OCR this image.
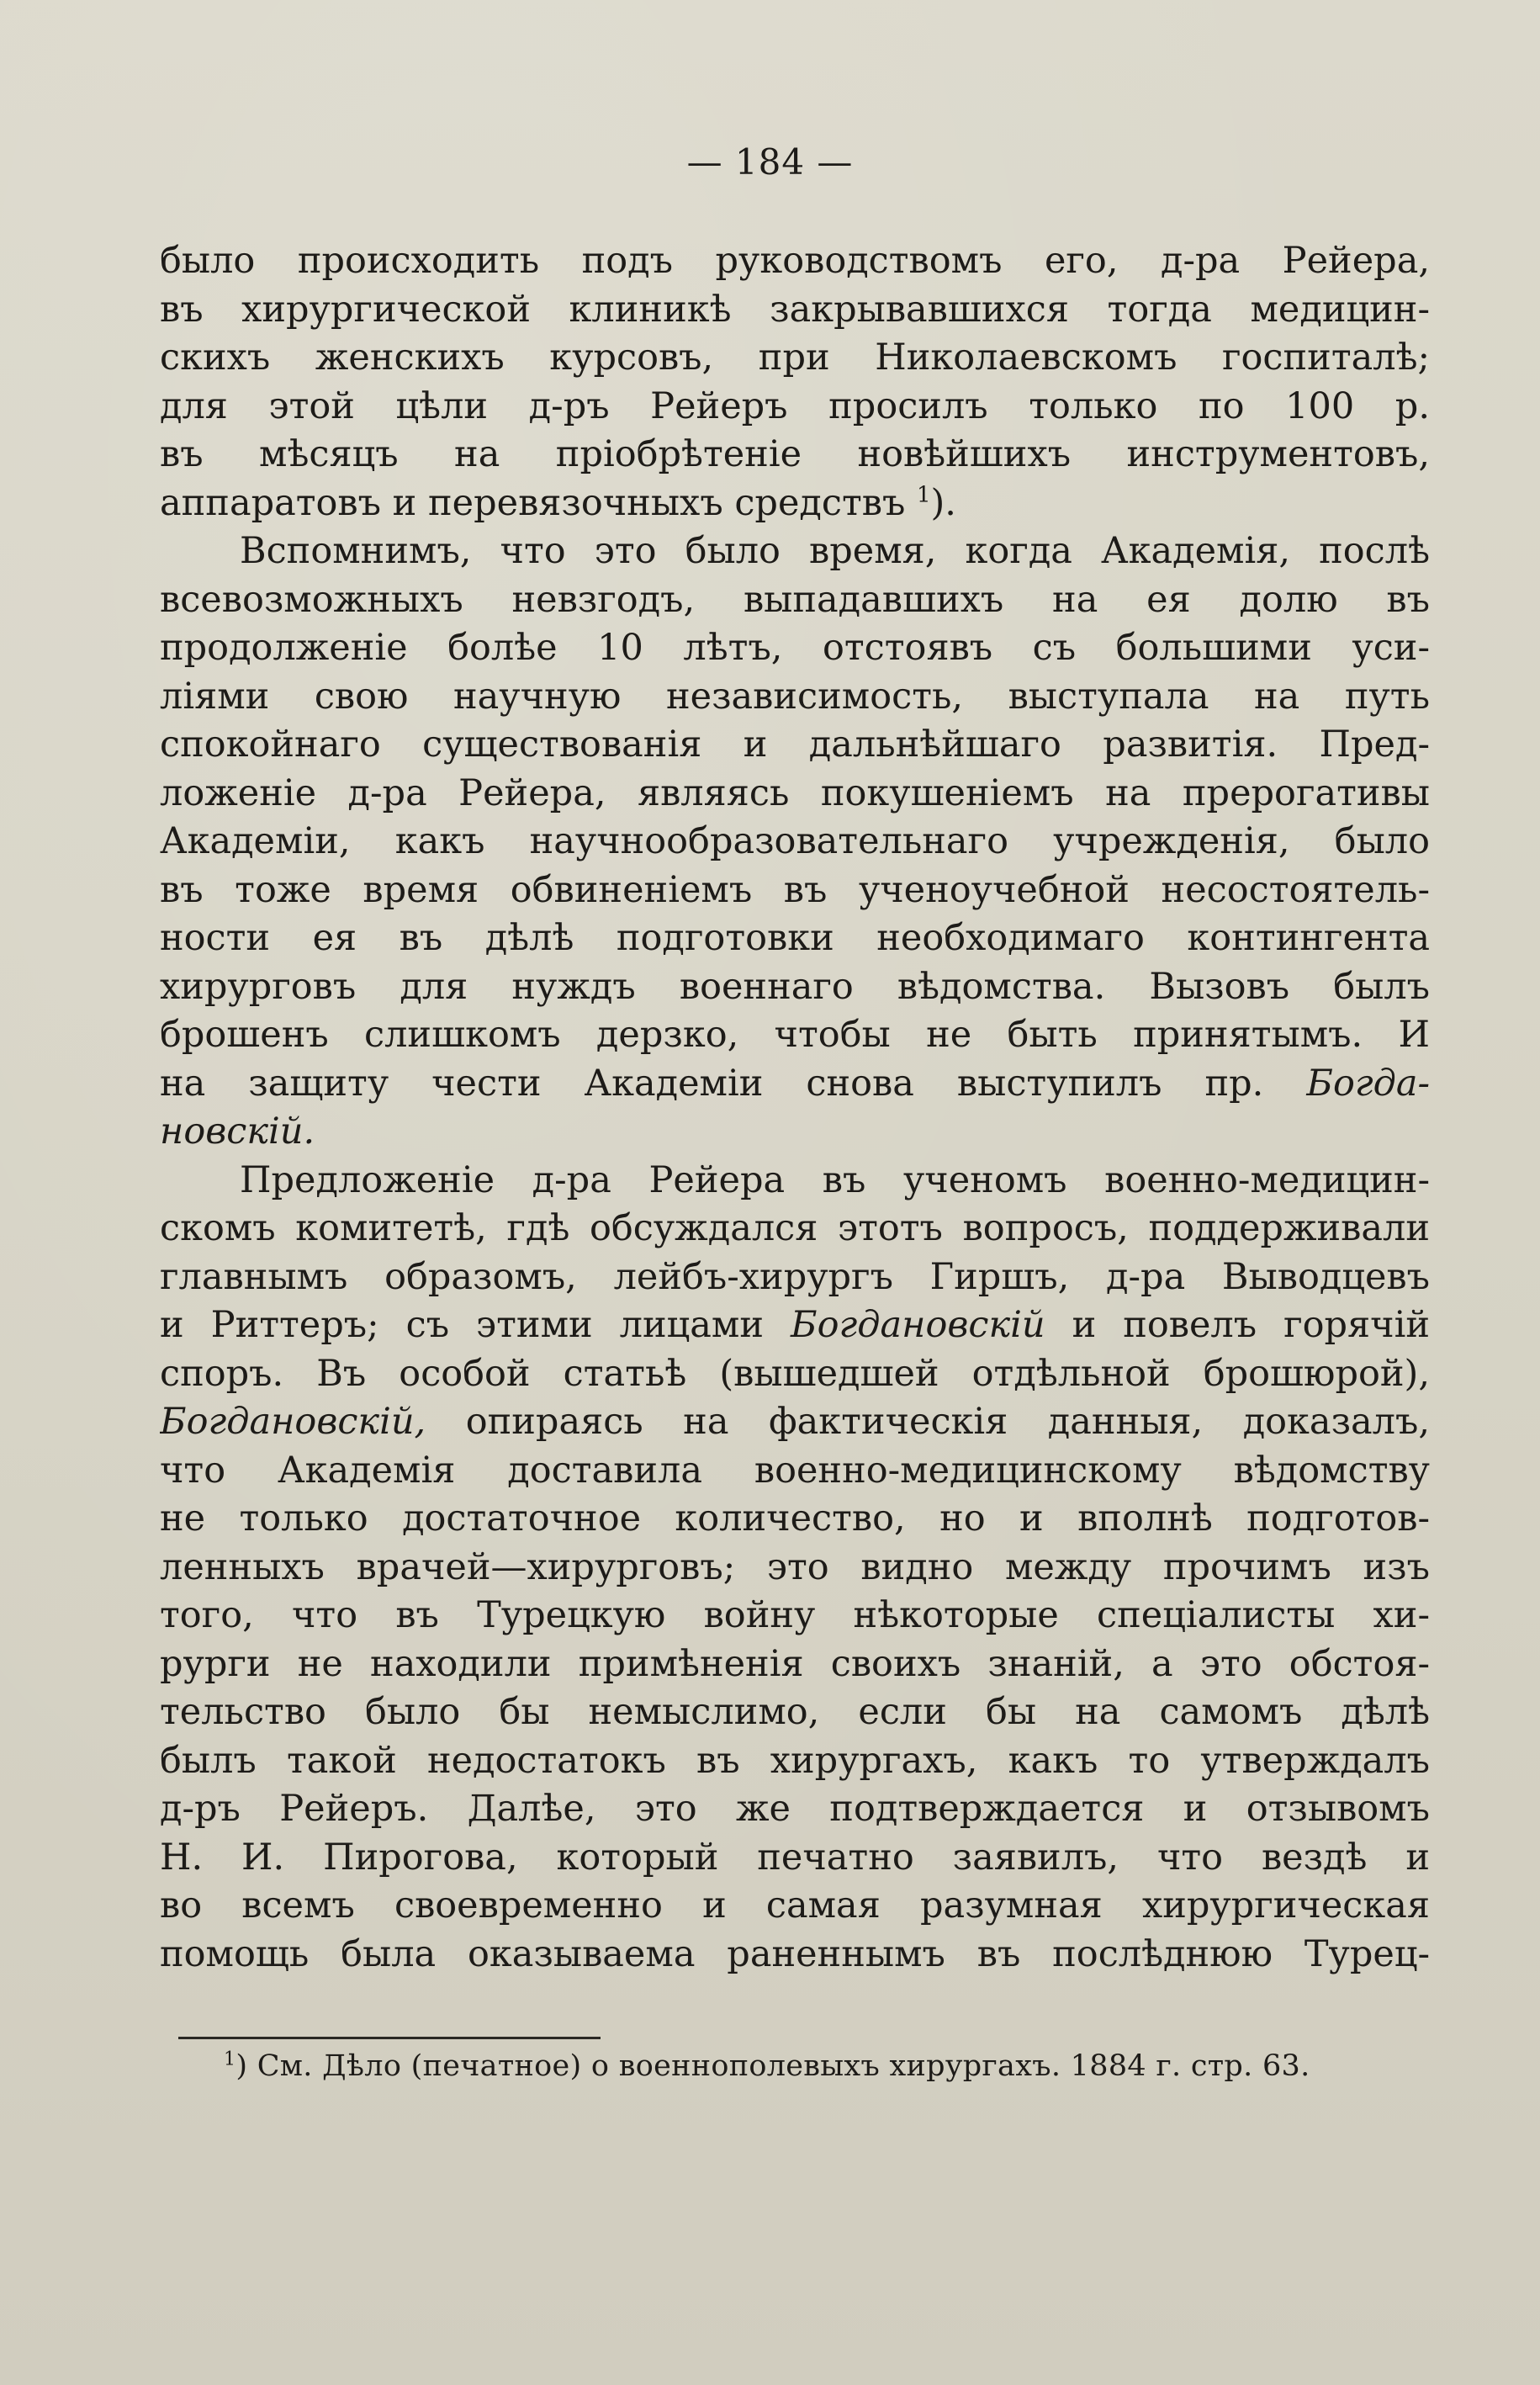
— 184 —
было происходить подъ руководствомъ его, д-ра Рейера,
въ хирургической клиникѣ закрывавшихся тогда медицин-
скихъ женскихъ курсовъ, при Николаевскомъ госпиталѣ;
для этой цѣли д-ръ Рейеръ просилъ только по 100 р.
въ мѣсяцъ на пріобрѣтеніе новѣйшихъ инструментовъ,
аппаратовъ и перевязочныхъ средствъ $^1$).
Вспомнимъ, что это было время, когда Академія, послѣ
всевозможныхъ невзгодъ, выпадавшихъ на ея долю въ
продолженіе болѣе 10 лѣтъ, отстоявъ съ большими уси-
ліями свою научную независимость, выступала на путь
спокойнаго существованія и дальнѣйшаго развитія. Пред-
ложеніе д-ра Рейера, являясь покушеніемъ на прерогативы
Академіи, какъ научнообразовательнаго учрежденія, было
въ тоже время обвиненіемъ въ ученоучебной несостоятель-
ности ея въ дѣлѣ подготовки необходимаго контингента
хирурговъ для нуждъ военнаго вѣдомства. Вызовъ былъ
брошенъ слишкомъ дерзко, чтобы не быть принятымъ. И
на защиту чести Академіи снова выступилъ пр. Богда-
новскій.
Предложеніе д-ра Рейера въ ученомъ военно-медицин-
скомъ комитетѣ, гдѣ обсуждался этотъ вопросъ, поддерживали
главнымъ образомъ, лейбъ-хирургъ Гиршъ, д-ра Выводцевъ
и Риттеръ; съ этими лицами Богдановскій и повелъ горячій
споръ. Въ особой статьѣ (вышедшей отдѣльной брошюрой),
Богдановскій, опираясь на фактическія данныя, доказалъ,
что Академія доставила военно-медицинскому вѣдомству
не только достаточное количество, но и вполнѣ подготов-
ленныхъ врачей—хирурговъ; это видно между прочимъ изъ
того, что въ Турецкую войну нѣкоторые спеціалисты хи-
рурги не находили примѣненія своихъ знаній, а это обстоя-
тельство было бы немыслимо, если бы на самомъ дѣлѣ
былъ такой недостатокъ въ хирургахъ, какъ то утверждалъ
д-ръ Рейеръ. Далѣе, это же подтверждается и отзывомъ
Н. И. Пирогова, который печатно заявилъ, что вездѣ и
во всемъ своевременно и самая разумная хирургическая
помощь была оказываема раненнымъ въ послѣднюю Турец-
$^1$) См. Дѣло (печатное) о военнополевыхъ хирургахъ. 1884 г. стр. 63.
